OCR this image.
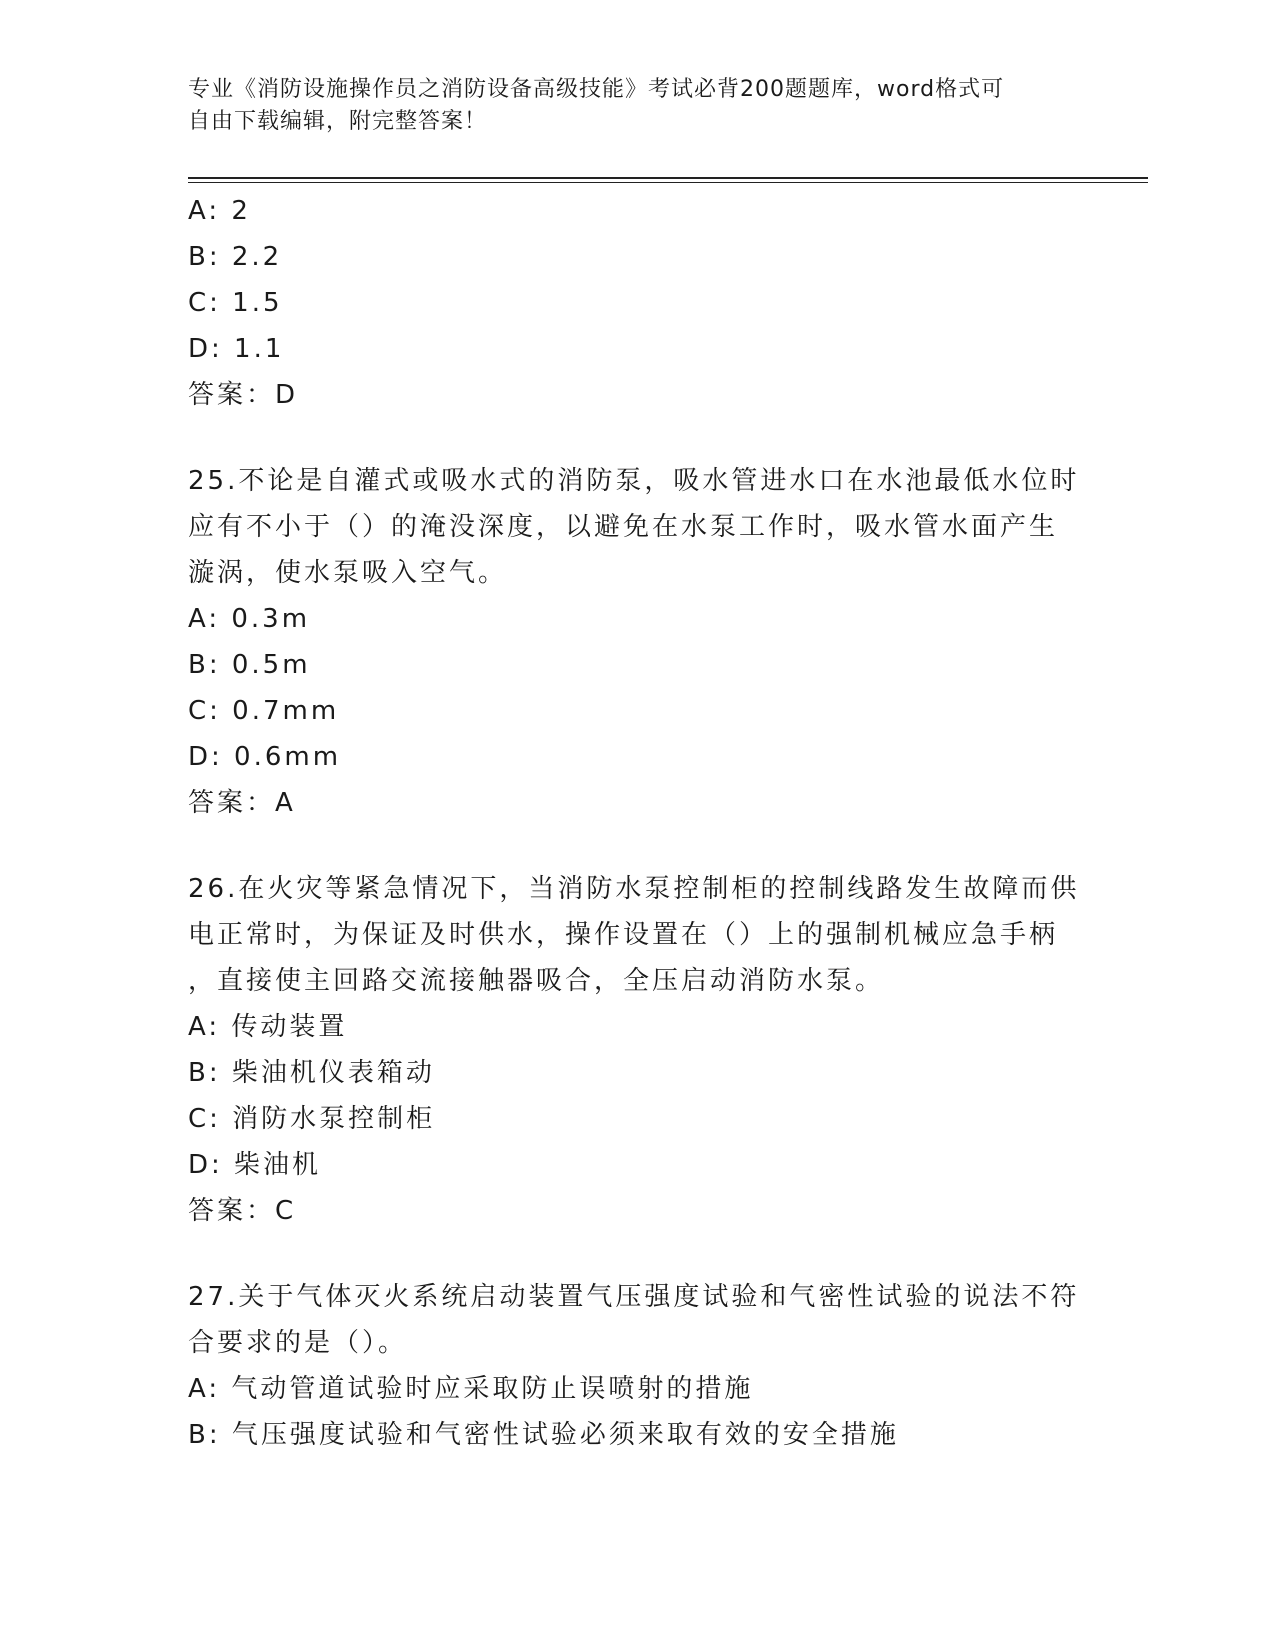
专业《消防设施操作员之消防设备高级技能》考试必背200题题库，word格式可
自由下载编辑，附完整答案！
A: 2
B: 2.2
C: 1.5
D: 1.1
答案：D
25.不论是自灌式或吸水式的消防泵，吸水管进水口在水池最低水位时
应有不小于（）的淹没深度，以避免在水泵工作时，吸水管水面产生
漩涡，使水泵吸入空气。
A: 0.3m
B: 0.5m
C: 0.7mm
D: 0.6mm
答案：A
26.在火灾等紧急情况下，当消防水泵控制柜的控制线路发生故障而供
电正常时，为保证及时供水，操作设置在（）上的强制机械应急手柄
，直接使主回路交流接触器吸合，全压启动消防水泵。
A: 传动装置
B: 柴油机仪表箱动
C: 消防水泵控制柜
D: 柴油机
答案：C
27.关于气体灭火系统启动装置气压强度试验和气密性试验的说法不符
合要求的是（）。
A: 气动管道试验时应采取防止误喷射的措施
B: 气压强度试验和气密性试验必须来取有效的安全措施
